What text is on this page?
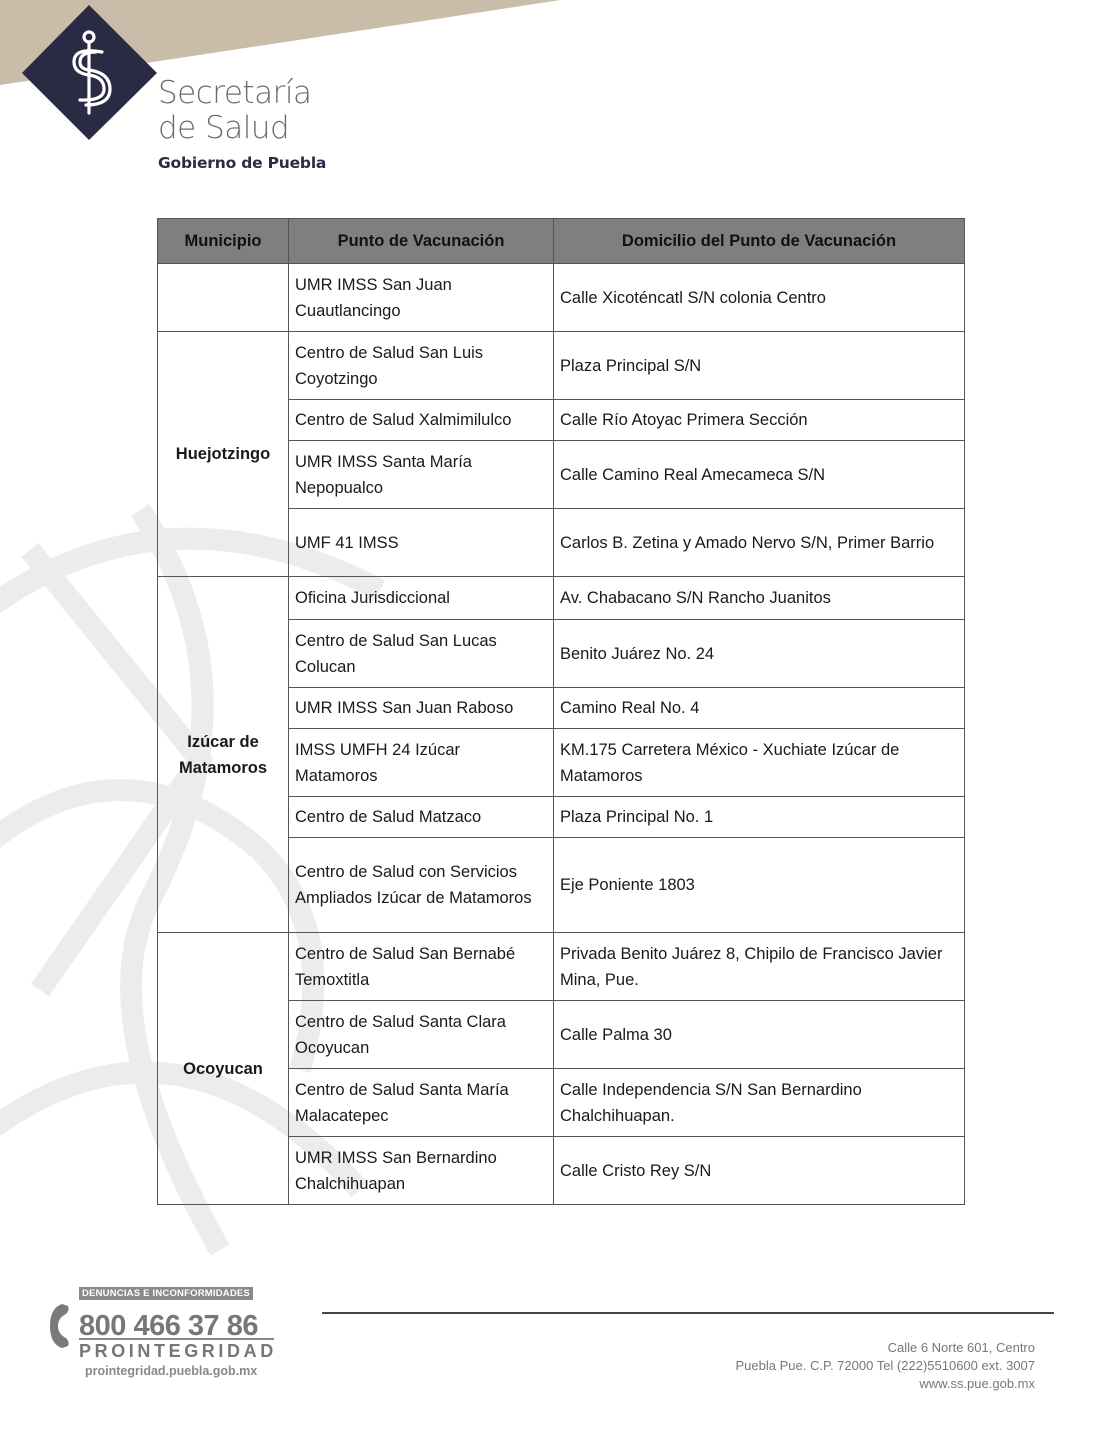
Secretaría
de Salud
Gobierno de Puebla
Municipio	Punto de Vacunación	Domicilio del Punto de Vacunación
	UMR IMSS San Juan Cuautlancingo	Calle Xicoténcatl S/N colonia Centro
Huejotzingo	Centro de Salud San Luis Coyotzingo	Plaza Principal S/N
	Centro de Salud Xalmimilulco	Calle Río Atoyac Primera Sección
	UMR IMSS Santa María Nepopualco	Calle Camino Real Amecameca S/N
	UMF 41 IMSS	Carlos B. Zetina y Amado Nervo S/N, Primer Barrio
Izúcar de Matamoros	Oficina Jurisdiccional	Av. Chabacano S/N Rancho Juanitos
	Centro de Salud San Lucas Colucan	Benito Juárez No. 24
	UMR IMSS San Juan Raboso	Camino Real No. 4
	IMSS UMFH 24 Izúcar Matamoros	KM.175 Carretera México - Xuchiate Izúcar de Matamoros
	Centro de Salud Matzaco	Plaza Principal No. 1
	Centro de Salud con Servicios Ampliados Izúcar de Matamoros	Eje Poniente 1803
Ocoyucan	Centro de Salud San Bernabé Temoxtitla	Privada Benito Juárez 8, Chipilo de Francisco Javier Mina, Pue.
	Centro de Salud Santa Clara Ocoyucan	Calle Palma 30
	Centro de Salud Santa María Malacatepec	Calle Independencia S/N San Bernardino Chalchihuapan.
	UMR IMSS San Bernardino Chalchihuapan	Calle Cristo Rey S/N
DENUNCIAS E INCONFORMIDADES
800 466 37 86
PROINTEGRIDAD
prointegridad.puebla.gob.mx
Calle 6 Norte 601, Centro
Puebla Pue. C.P. 72000 Tel (222)5510600 ext. 3007
www.ss.pue.gob.mx
